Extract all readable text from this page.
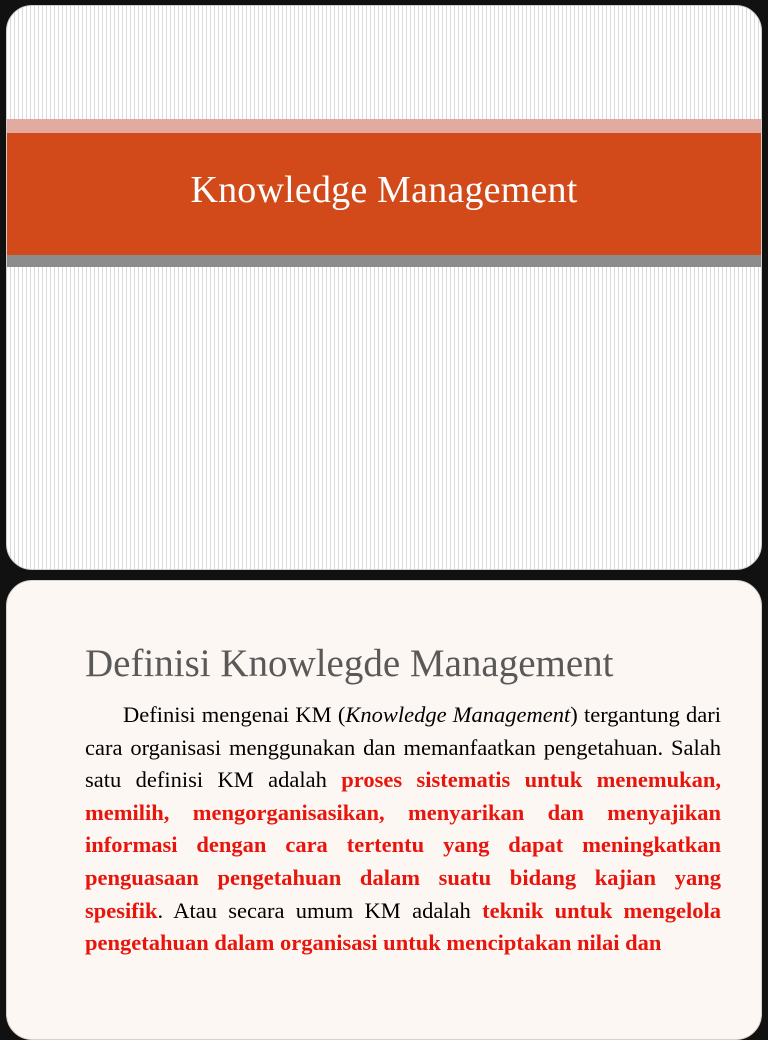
Knowledge Management
Definisi Knowlegde Management

Definisi mengenai KM (Knowledge Management) tergantung dari cara organisasi menggunakan dan memanfaatkan pengetahuan. Salah satu definisi KM adalah proses sistematis untuk menemukan, memilih, mengorganisasikan, menyarikan dan menyajikan informasi dengan cara tertentu yang dapat meningkatkan penguasaan pengetahuan dalam suatu bidang kajian yang spesifik. Atau secara umum KM adalah teknik untuk mengelola pengetahuan dalam organisasi untuk menciptakan nilai dan
